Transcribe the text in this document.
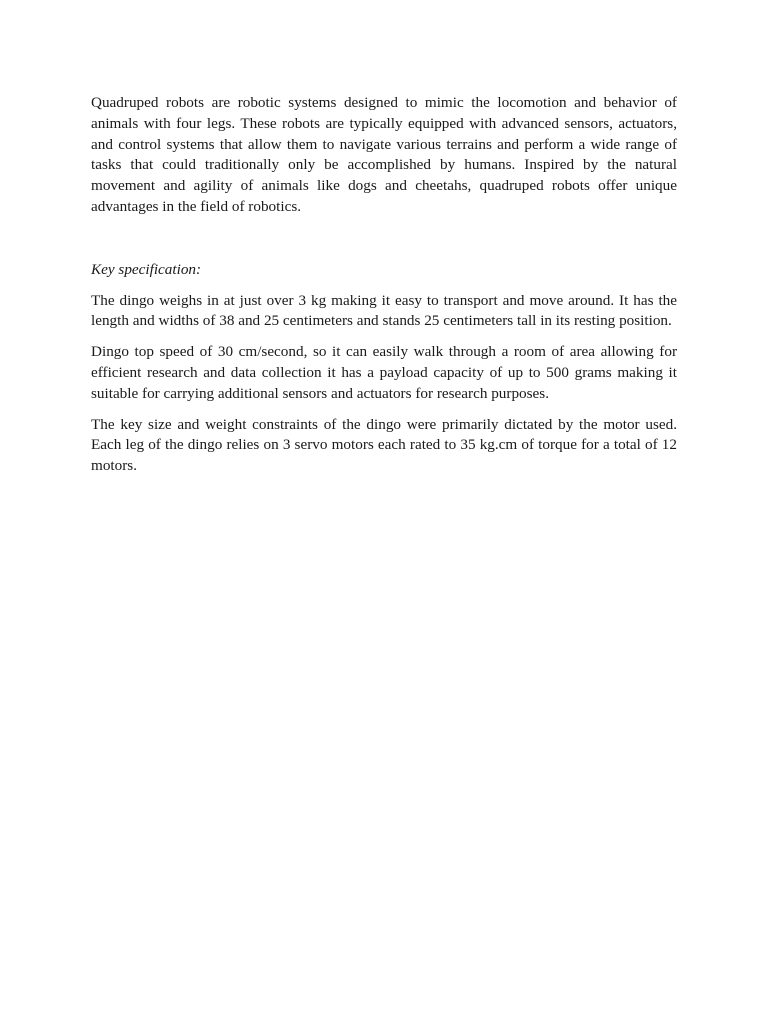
Quadruped robots are robotic systems designed to mimic the locomotion and behavior of animals with four legs. These robots are typically equipped with advanced sensors, actuators, and control systems that allow them to navigate various terrains and perform a wide range of tasks that could traditionally only be accomplished by humans. Inspired by the natural movement and agility of animals like dogs and cheetahs, quadruped robots offer unique advantages in the field of robotics.

Key specification:

The dingo weighs in at just over 3 kg making it easy to transport and move around. It has the length and widths of 38 and 25 centimeters and stands 25 centimeters tall in its resting position.

Dingo top speed of 30 cm/second, so it can easily walk through a room of area allowing for efficient research and data collection it has a payload capacity of up to 500 grams making it suitable for carrying additional sensors and actuators for research purposes.

The key size and weight constraints of the dingo were primarily dictated by the motor used. Each leg of the dingo relies on 3 servo motors each rated to 35 kg.cm of torque for a total of 12 motors.
